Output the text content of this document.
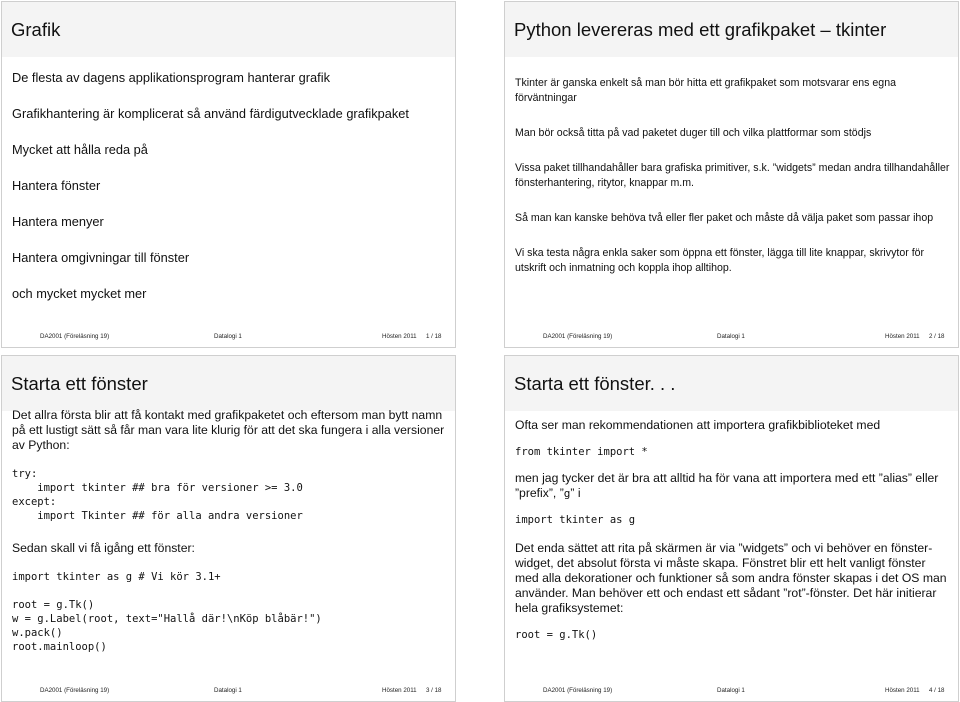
Grafik

De flesta av dagens applikationsprogram hanterar grafik

Grafikhantering är komplicerat så använd färdigutvecklade grafikpaket

Mycket att hålla reda på

Hantera fönster

Hantera menyer

Hantera omgivningar till fönster

och mycket mycket mer

DA2001 (Föreläsning 19)	Datalogi 1	Hösten 2011 1 / 18
Python levereras med ett grafikpaket – tkinter

Tkinter är ganska enkelt så man bör hitta ett grafikpaket som motsvarar ens egna förväntningar

Man bör också titta på vad paketet duger till och vilka plattformar som stödjs

Vissa paket tillhandahåller bara grafiska primitiver, s.k. ”widgets” medan andra tillhandahåller fönsterhantering, ritytor, knappar m.m.

Så man kan kanske behöva två eller fler paket och måste då välja paket som passar ihop

Vi ska testa några enkla saker som öppna ett fönster, lägga till lite knappar, skrivytor för utskrift och inmatning och koppla ihop alltihop.

DA2001 (Föreläsning 19)	Datalogi 1	Hösten 2011 2 / 18
Starta ett fönster

Det allra första blir att få kontakt med grafikpaketet och eftersom man bytt namn på ett lustigt sätt så får man vara lite klurig för att det ska fungera i alla versioner av Python:

try:
import tkinter ## bra för versioner >= 3.0
except:
import Tkinter ## för alla andra versioner

Sedan skall vi få igång ett fönster:

import tkinter as g # Vi kör 3.1+

root = g.Tk()
w = g.Label(root, text="Hallå där!\nKöp blåbär!")
w.pack()
root.mainloop()
DA2001 (Föreläsning 19)	Datalogi 1	Hösten 2011 3 / 18
Starta ett fönster. . .

Ofta ser man rekommendationen att importera grafikbiblioteket med

from tkinter import *

men jag tycker det är bra att alltid ha för vana att importera med ett ”alias” eller ”prefix”, ”g” i

import tkinter as g

Det enda sättet att rita på skärmen är via ”widgets” och vi behöver en fönster-widget, det absolut första vi måste skapa. Fönstret blir ett helt vanligt fönster med alla dekorationer och funktioner så som andra fönster skapas i det OS man använder. Man behöver ett och endast ett sådant ”rot”-fönster. Det här initierar hela grafiksystemet:

root = g.Tk()
DA2001 (Föreläsning 19)	Datalogi 1	Hösten 2011 4 / 18
